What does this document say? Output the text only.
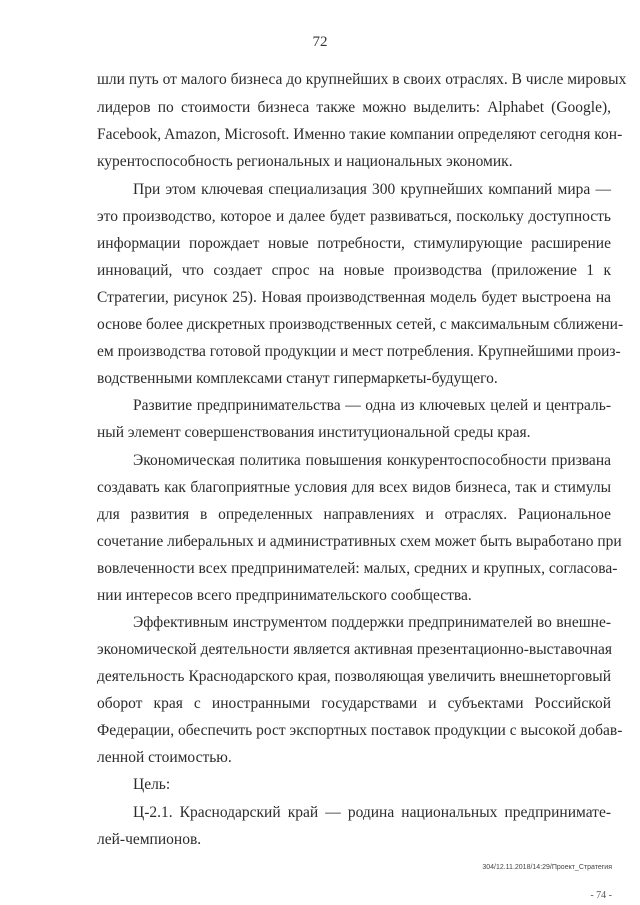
72
шли путь от малого бизнеса до крупнейших в своих отраслях. В числе мировых
лидеров по стоимости бизнеса также можно выделить: Alphabet (Google),
Facebook, Amazon, Microsoft. Именно такие компании определяют сегодня кон-
курентоспособность региональных и национальных экономик.
При этом ключевая специализация 300 крупнейших компаний мира —
это производство, которое и далее будет развиваться, поскольку доступность
информации порождает новые потребности, стимулирующие расширение
инноваций, что создает спрос на новые производства (приложение 1 к
Стратегии, рисунок 25). Новая производственная модель будет выстроена на
основе более дискретных производственных сетей, с максимальным сближени-
ем производства готовой продукции и мест потребления. Крупнейшими произ-
водственными комплексами станут гипермаркеты-будущего.
Развитие предпринимательства — одна из ключевых целей и централь-
ный элемент совершенствования институциональной среды края.
Экономическая политика повышения конкурентоспособности призвана
создавать как благоприятные условия для всех видов бизнеса, так и стимулы
для развития в определенных направлениях и отраслях. Рациональное
сочетание либеральных и административных схем может быть выработано при
вовлеченности всех предпринимателей: малых, средних и крупных, согласова-
нии интересов всего предпринимательского сообщества.
Эффективным инструментом поддержки предпринимателей во внешне-
экономической деятельности является активная презентационно-выставочная
деятельность Краснодарского края, позволяющая увеличить внешнеторговый
оборот края с иностранными государствами и субъектами Российской
Федерации, обеспечить рост экспортных поставок продукции с высокой добав-
ленной стоимостью.
Цель:
Ц-2.1. Краснодарский край — родина национальных предпринимате-
лей-чемпионов.
304/12.11.2018/14:29/Проект_Стратегия
- 74 -
